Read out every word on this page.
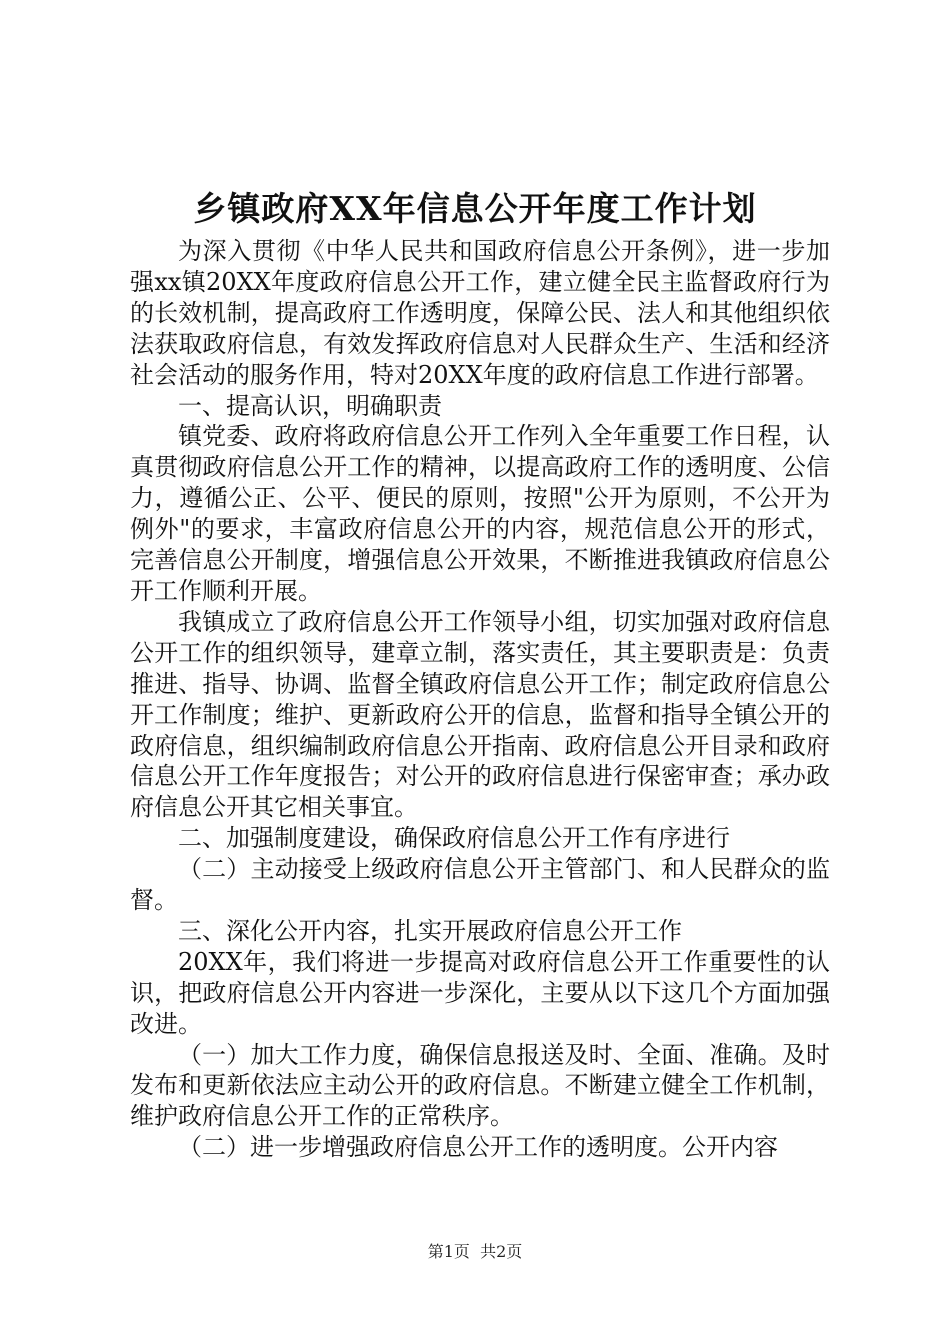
乡镇政府XX年信息公开年度工作计划

为深入贯彻《中华人民共和国政府信息公开条例》，进一步加强xx镇20XX年度政府信息公开工作，建立健全民主监督政府行为的长效机制，提高政府工作透明度，保障公民、法人和其他组织依法获取政府信息，有效发挥政府信息对人民群众生产、生活和经济社会活动的服务作用，特对20XX年度的政府信息工作进行部署。

一、提高认识，明确职责

镇党委、政府将政府信息公开工作列入全年重要工作日程，认真贯彻政府信息公开工作的精神，以提高政府工作的透明度、公信力，遵循公正、公平、便民的原则，按照"公开为原则，不公开为例外"的要求，丰富政府信息公开的内容，规范信息公开的形式，完善信息公开制度，增强信息公开效果，不断推进我镇政府信息公开工作顺利开展。

我镇成立了政府信息公开工作领导小组，切实加强对政府信息公开工作的组织领导，建章立制，落实责任，其主要职责是：负责推进、指导、协调、监督全镇政府信息公开工作；制定政府信息公开工作制度；维护、更新政府公开的信息，监督和指导全镇公开的政府信息，组织编制政府信息公开指南、政府信息公开目录和政府信息公开工作年度报告；对公开的政府信息进行保密审查；承办政府信息公开其它相关事宜。

二、加强制度建设，确保政府信息公开工作有序进行

（二）主动接受上级政府信息公开主管部门、和人民群众的监督。

三、深化公开内容，扎实开展政府信息公开工作

20XX年，我们将进一步提高对政府信息公开工作重要性的认识，把政府信息公开内容进一步深化，主要从以下这几个方面加强改进。

（一）加大工作力度，确保信息报送及时、全面、准确。及时发布和更新依法应主动公开的政府信息。不断建立健全工作机制，维护政府信息公开工作的正常秩序。

（二）进一步增强政府信息公开工作的透明度。公开内容

第1页  共2页
